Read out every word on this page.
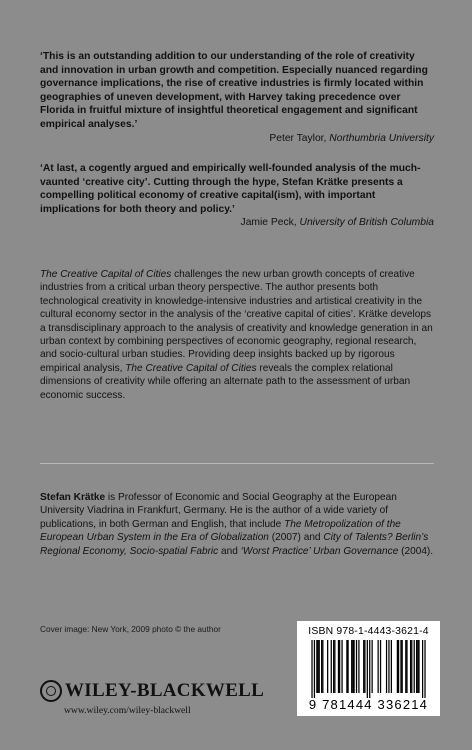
‘This is an outstanding addition to our understanding of the role of creativity and innovation in urban growth and competition. Especially nuanced regarding governance implications, the rise of creative industries is firmly located within geographies of uneven development, with Harvey taking precedence over Florida in fruitful mixture of insightful theoretical engagement and significant empirical analyses.’

Peter Taylor, Northumbria University

‘At last, a cogently argued and empirically well-founded analysis of the much-vaunted ‘creative city’. Cutting through the hype, Stefan Krätke presents a compelling political economy of creative capital(ism), with important implications for both theory and policy.’

Jamie Peck, University of British Columbia

The Creative Capital of Cities challenges the new urban growth concepts of creative industries from a critical urban theory perspective. The author presents both technological creativity in knowledge-intensive industries and artistical creativity in the cultural economy sector in the analysis of the ‘creative capital of cities’. Krätke develops a transdisciplinary approach to the analysis of creativity and knowledge generation in an urban context by combining perspectives of economic geography, regional research, and socio-cultural urban studies. Providing deep insights backed up by rigorous empirical analysis, The Creative Capital of Cities reveals the complex relational dimensions of creativity while offering an alternate path to the assessment of urban economic success.

Stefan Krätke is Professor of Economic and Social Geography at the European University Viadrina in Frankfurt, Germany. He is the author of a wide variety of publications, in both German and English, that include The Metropolization of the European Urban System in the Era of Globalization (2007) and City of Talents? Berlin’s Regional Economy, Socio-spatial Fabric and ‘Worst Practice’ Urban Governance (2004).

Cover image: New York, 2009 photo © the author
WILEY-BLACKWELL
www.wiley.com/wiley-blackwell
ISBN 978-1-4443-3621-4
9 781444 336214
